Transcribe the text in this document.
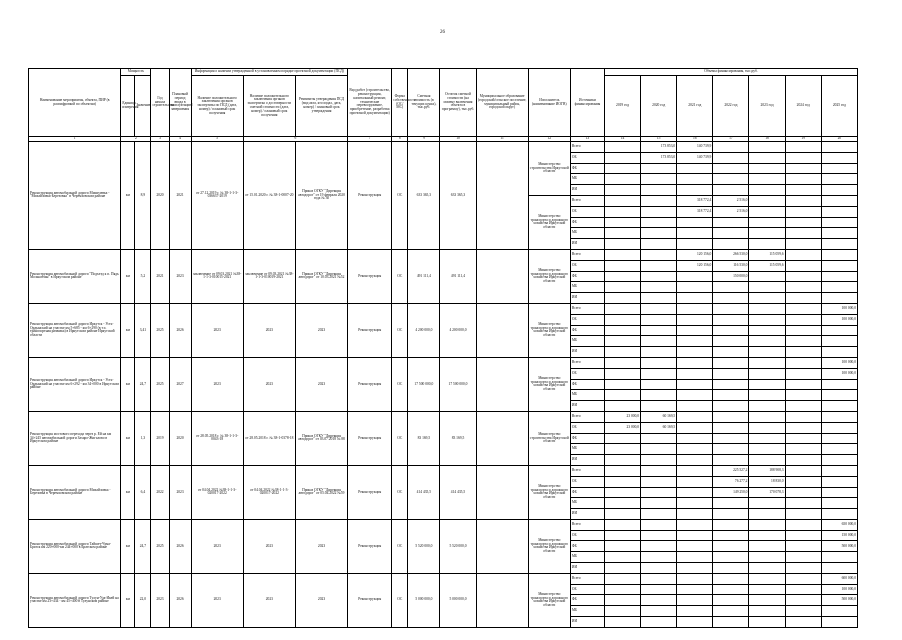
26
Наименование мероприятия, объекта, ПИР (в распифровкой по объектам)	Мощность		Год начала строительства	Плановый период ввода в эксплуатацию/завершения	Информация о наличии утвержденной в установленном порядке проектной документации (ПСД)			Вид работ (строительство, реконструкция, капитальный ремонт, технические перевооружение, приобретение, разработка проектной документации)	Форма собственности (ОС/МС)	Сметная стоимость (в текущих ценах), тыс.руб.	Остаток сметной стоимости (на момент включения объекта в программу), тыс.руб.	Муниципальное образование (городской/сельское поселение, муниципальный район, городской округ)	Исполнитель (наименование ИОГВ)	Источники финансирования	Объемы финансирования, тыс.руб.						
	Единица измерения	Значение			Наличие положительного заключения органов экспертизы по ПСД (дата, номер) / плановый срок получения	Наличие положительного заключения органов экспертизы о достоверности сметной стоимости (дата, номер) / плановый срок получения	Реквизиты утверждения ПСД (вид акта, кто издал, дата, номер) / плановый срок утверждения								2019 год	2020 год	2021 год	2022 год	2023 год	2024 год	2025 год
1	2		3	4	5	6		7	8	9	10	11	12	13	14	15	16	17	18	19	20
Реконструкция автомобильной дороги Мишелевка - "Михайловка-Березовка" в Черемховском районе	км	8,9	2020	2021	от 27.12.2019 г. № 38-1-1-3-036637-2019	от 15.01.2020 г. № 38-1-0007-20	Приказ ОГКУ "Дирекция автодорог" от 19 февраля 2020 года № 30	Реконструкция	ОС	633 365,3	633 365,3		Министерство строительства Иркутской области	Всего		173 853,0	140 739,9				
														ОБ		173 853,0	140 739,9				
														ФБ							
														МБ							
														ИИ							
													Министерство транспорта и дорожного хозяйства Иркутской области	Всего			318 772,4	2 516,0			
														ОБ			318 772,4	2 516,0			
														ФБ							
														МБ							
														ИИ							
Реконструкция автомобильной дороги "Подъезд к п. Пядь Молькатчан" в Иркутском районе	км	5,2	2021	2023	заключение от 09.03.2021 №38-1-1-3-010015-2021	заключение от 09.03.2021 №38-1-1-3-010019-2021	Приказ ОГКУ "Дирекция автодорог" от 10.03.2021 №52	Реконструкция	ОС	491 111,4	491 111,4		Министерство транспорта и дорожного хозяйства Иркутской области	Всего			120 156,0	266 530,0	115 059,6		
														ОБ			120 156,0	116 530,0	115 059,6		
														ФБ				150 000,0			
														МБ							
														ИИ							
Реконструкция автомобильной дороги Иркутск - Усть-Ордынский на участке км 5+685 - км 6+290 (в т.ч. транспортная развязка) в Иркутском районе Иркутской области	км	3,41	2025	2026	2023	2023	2023	Реконструкция	ОС	4 200 000,0	4 200 000,0		Министерство транспорта и дорожного хозяйства Иркутской области	Всего							100 000,0
														ОБ							100 000,0
														ФБ							
														МБ							
														ИИ							
Реконструкция автомобильной дороги Иркутск - Усть-Ордынский на участке км 6+292 - км 34+000 в Иркутском районе	км	24,7	2025	2027	2023	2023	2023	Реконструкция	ОС	17 500 000,0	17 500 000,0		Министерство транспорта и дорожного хозяйства Иркутской области	Всего							100 000,0
														ОБ							100 000,0
														ФБ							
														МБ							
														ИИ							
Реконструкция мостового перехода через р. Ей на км 34+245 автомобильной дороги Захаро-Жигалово в Иркутском районе	км	1,3	2019	2020	от 28.05.2018 г. № 38-1-1-3-0043-18	от 28.05.2018 г. № 38-1-0378-18	Приказ ОГКУ "Дирекция автодорог" от 03.07.2018 № 88	Реконструкция	ОС	83 169,5	83 169,5		Министерство строительства Иркутской области	Всего	23 000,0	60 169,5					
														ОБ	23 000,0	60 169,5					
														ФБ							
														МБ							
														ИИ							
Реконструкция автомобильной дороги Михайловка - Березовка в Черемховском районе	км	6,4	2022	2023	от 04.04.2022 №38-1-1-3-020017-2022	от 04.04.2022 №38-1-1-3-020017-2022	Приказ ОГКУ "Дирекция автодорог" от 05.04.2022 №59	Реконструкция	ОС	414 435,5	414 435,5		Министерство транспорта и дорожного хозяйства Иркутской области	Всего				225 527,2	188 908,3		
														ОБ				76 277,2	18 830,0		
														ФБ				149 250,0	170 078,3		
														МБ							
														ИИ							
Реконструкция автомобильной дороги Тайшет-Чуна-Братск км 220+000-км 244+000 в Братском районе	км	24,7	2025	2026	2023	2023	2023	Реконструкция	ОС	5 520 000,0	5 520 000,0		Министерство транспорта и дорожного хозяйства Иркутской области	Всего							650 000,0
														ОБ							150 000,0
														ФБ							500 000,0
														МБ							
														ИИ							
Реконструкция автомобильной дороги Тулун-Уда-Икей на участке км 23+434 - км 45+400 в Тулунском районе	км	22,0	2023	2026	2023	2023	2023	Реконструкция	ОС	5 000 000,0	5 000 000,0		Министерство транспорта и дорожного хозяйства Иркутской области	Всего							600 000,0
														ОБ							100 000,0
														ФБ							500 000,0
														МБ							
														ИИ							
